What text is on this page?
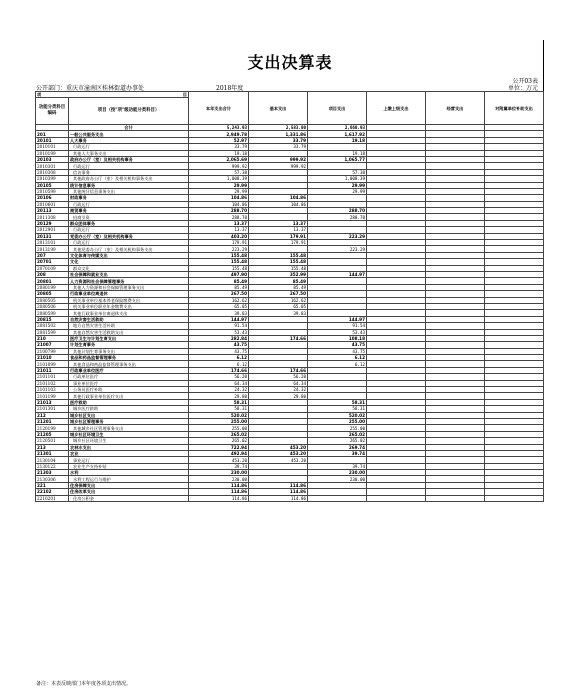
支出决算表
公开03表
单位：万元
公开部门：重庆市潼南区桂林街道办事处	2018年度
项 目		本年支出合计	基本支出	项目支出	上缴上级支出	经营支出	对附属单位补助支出
功能分类科目编码	项目（按"项"级功能分类科目）						
	合计	5,243.93	2,583.00	2,660.93			
201	一般公共服务支出	2,949.78	1,331.86	1,617.92			
20101	人大事务	52.97	33.79	19.18			
2010101	行政运行	33.79	33.79				
2010199	其他人大事务支出	19.18		19.18			
20103	政府办公厅（室）及相关机构事务	2,065.69	999.92	1,065.77			
2010301	行政运行	999.92	999.92				
2010308	信访事务	57.38		57.38			
2010399	其他政府办公厅（室）及相关机构事务支出	1,008.39		1,008.39			
20105	统计信息事务	29.99		29.99			
2010599	其他统计信息事务支出	29.99		29.99			
20106	财政事务	104.86	104.86				
2010601	行政运行	104.86	104.86				
20113	商贸事务	288.70		288.70			
2011308	招商引资	288.70		288.70			
20129	群众团体事务	13.37	13.37				
2012901	行政运行	13.37	13.37				
20131	党委办公厅（室）及相关机构事务	403.20	179.91	223.29			
2013101	行政运行	179.91	179.91				
2013199	其他党委办公厅（室）及相关机构事务支出	223.29		223.29			
207	文化体育与传媒支出	155.48	155.48				
20701	文化	155.48	155.48				
2070109	群众文化	155.48	155.48				
208	社会保障和就业支出	497.90	352.99	144.97			
20801	人力资源和社会保障管理事务	85.49	85.49				
2080199	其他人力资源和社会保障管理事务支出	85.49	85.49				
20805	行政事业单位离退休	267.50	267.50				
2080505	机关事业单位基本养老保险缴费支出	162.62	162.62				
2080506	机关事业单位职业年金缴费支出	65.05	65.05				
2080599	其他行政事业单位离退休支出	39.83	39.83				
20815	自然灾害生活救助	144.97		144.97			
2081502	地方自然灾害生活补助	91.54		91.54			
2081599	其他自然灾害生活救助支出	53.43		53.43			
210	医疗卫生与计划生育支出	282.84	174.66	108.18			
21007	计划生育事务	43.75		43.75			
2100799	其他计划生育事务支出	43.75		43.75			
21010	食品和药品监督管理事务	6.12		6.12			
2101099	其他食品和药品监督管理事务支出	6.12		6.12			
21011	行政事业单位医疗	174.66	174.66				
2101101	行政单位医疗	56.20	56.20				
2101102	事业单位医疗	64.34	64.34				
2101103	公务员医疗补助	24.32	24.32				
2101199	其他行政事业单位医疗支出	29.80	29.80				
21013	医疗救助	58.31		58.31			
2101301	城乡医疗救助	58.31		58.31			
212	城乡社区支出	520.02		520.02			
21201	城乡社区管理事务	255.00		255.00			
2120199	其他城乡社区管理事务支出	255.00		255.00			
21205	城乡社区环境卫生	265.02		265.02			
2120501	城乡社区环境卫生	265.02		265.02			
213	农林水支出	722.94	453.20	269.74			
21301	农业	492.94	453.20	39.74			
2130104	事业运行	453.20	453.20				
2130122	农业生产支持补贴	39.74		39.74			
21303	水利	230.00		230.00			
2130306	水利工程运行与维护	230.00		230.00			
221	住房保障支出	114.86	114.86				
22102	住房改革支出	114.86	114.86				
2210201	住房公积金	114.86	114.86				
备注：本表反映部门本年度各项支出情况。
